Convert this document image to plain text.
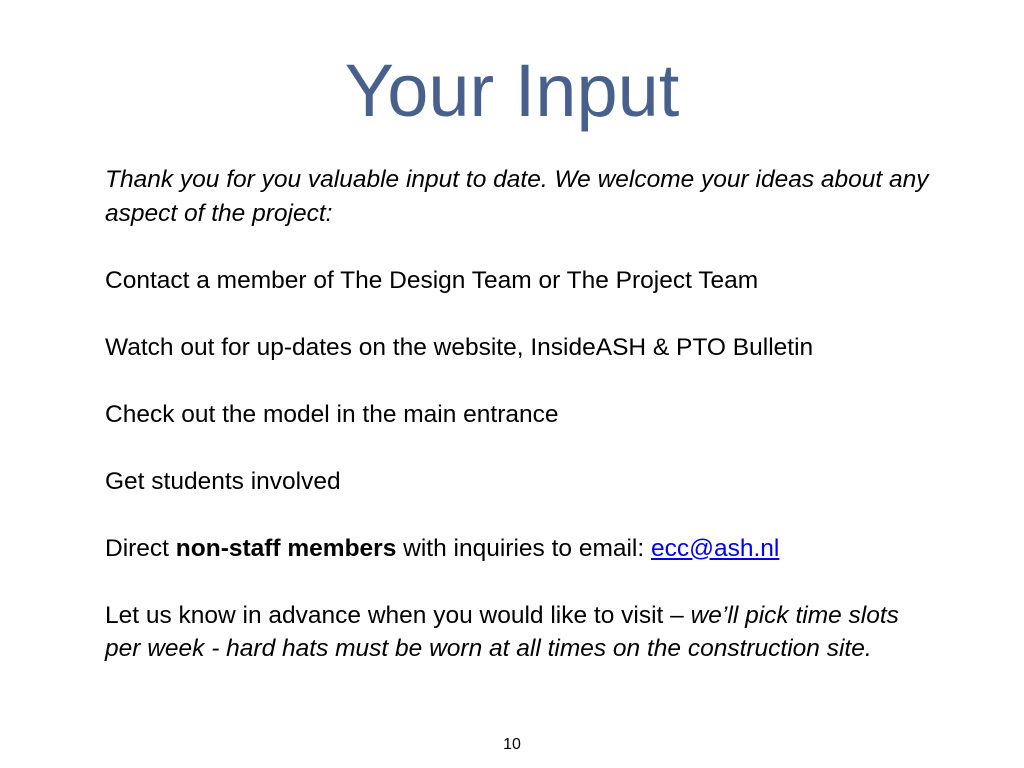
Your Input

Thank you for you valuable input to date. We welcome your ideas about any aspect of the project:

Contact a member of The Design Team or The Project Team

Watch out for up-dates on the website, InsideASH & PTO Bulletin

Check out the model in the main entrance

Get students involved

Direct non-staff members with inquiries to email: ecc@ash.nl

Let us know in advance when you would like to visit – we’ll pick time slots per week - hard hats must be worn at all times on the construction site.

10
